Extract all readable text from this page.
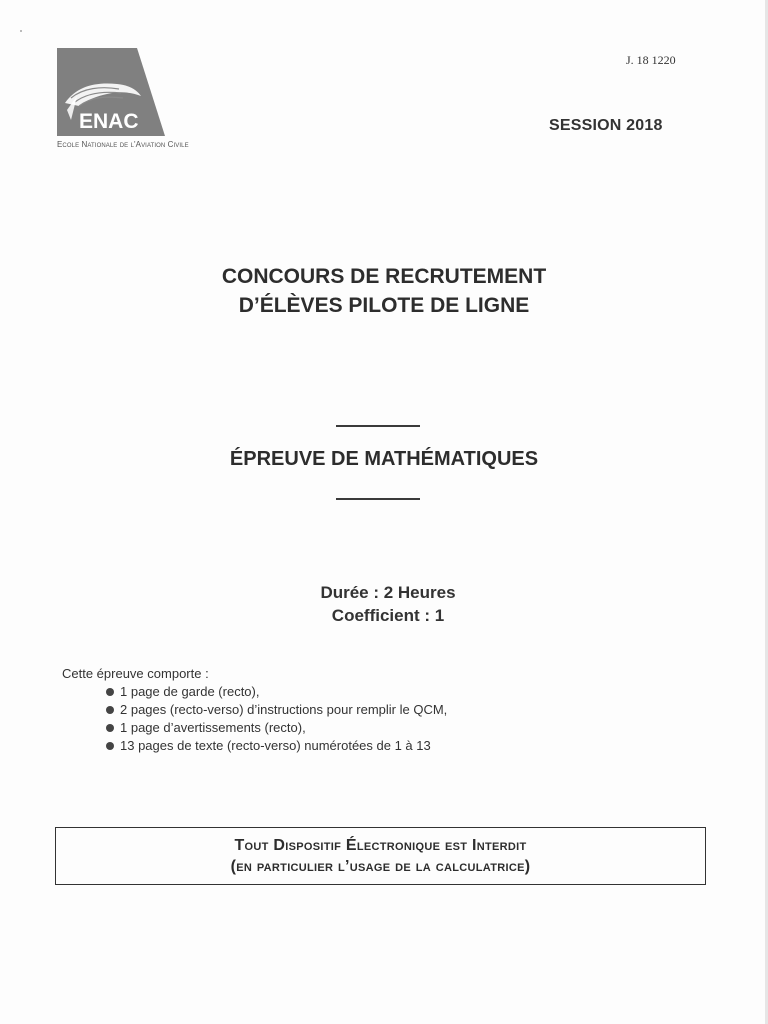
ENAC
Ecole Nationale de l'Aviation Civile
J. 18 1220
SESSION 2018
CONCOURS DE RECRUTEMENT
D’ÉLÈVES PILOTE DE LIGNE
ÉPREUVE DE MATHÉMATIQUES
Durée : 2 Heures
Coefficient : 1
Cette épreuve comporte :
1 page de garde (recto),
2 pages (recto-verso) d’instructions pour remplir le QCM,
1 page d’avertissements (recto),
13 pages de texte (recto-verso) numérotées de 1 à 13
Tout Dispositif Électronique est Interdit
(en particulier l’usage de la calculatrice)
